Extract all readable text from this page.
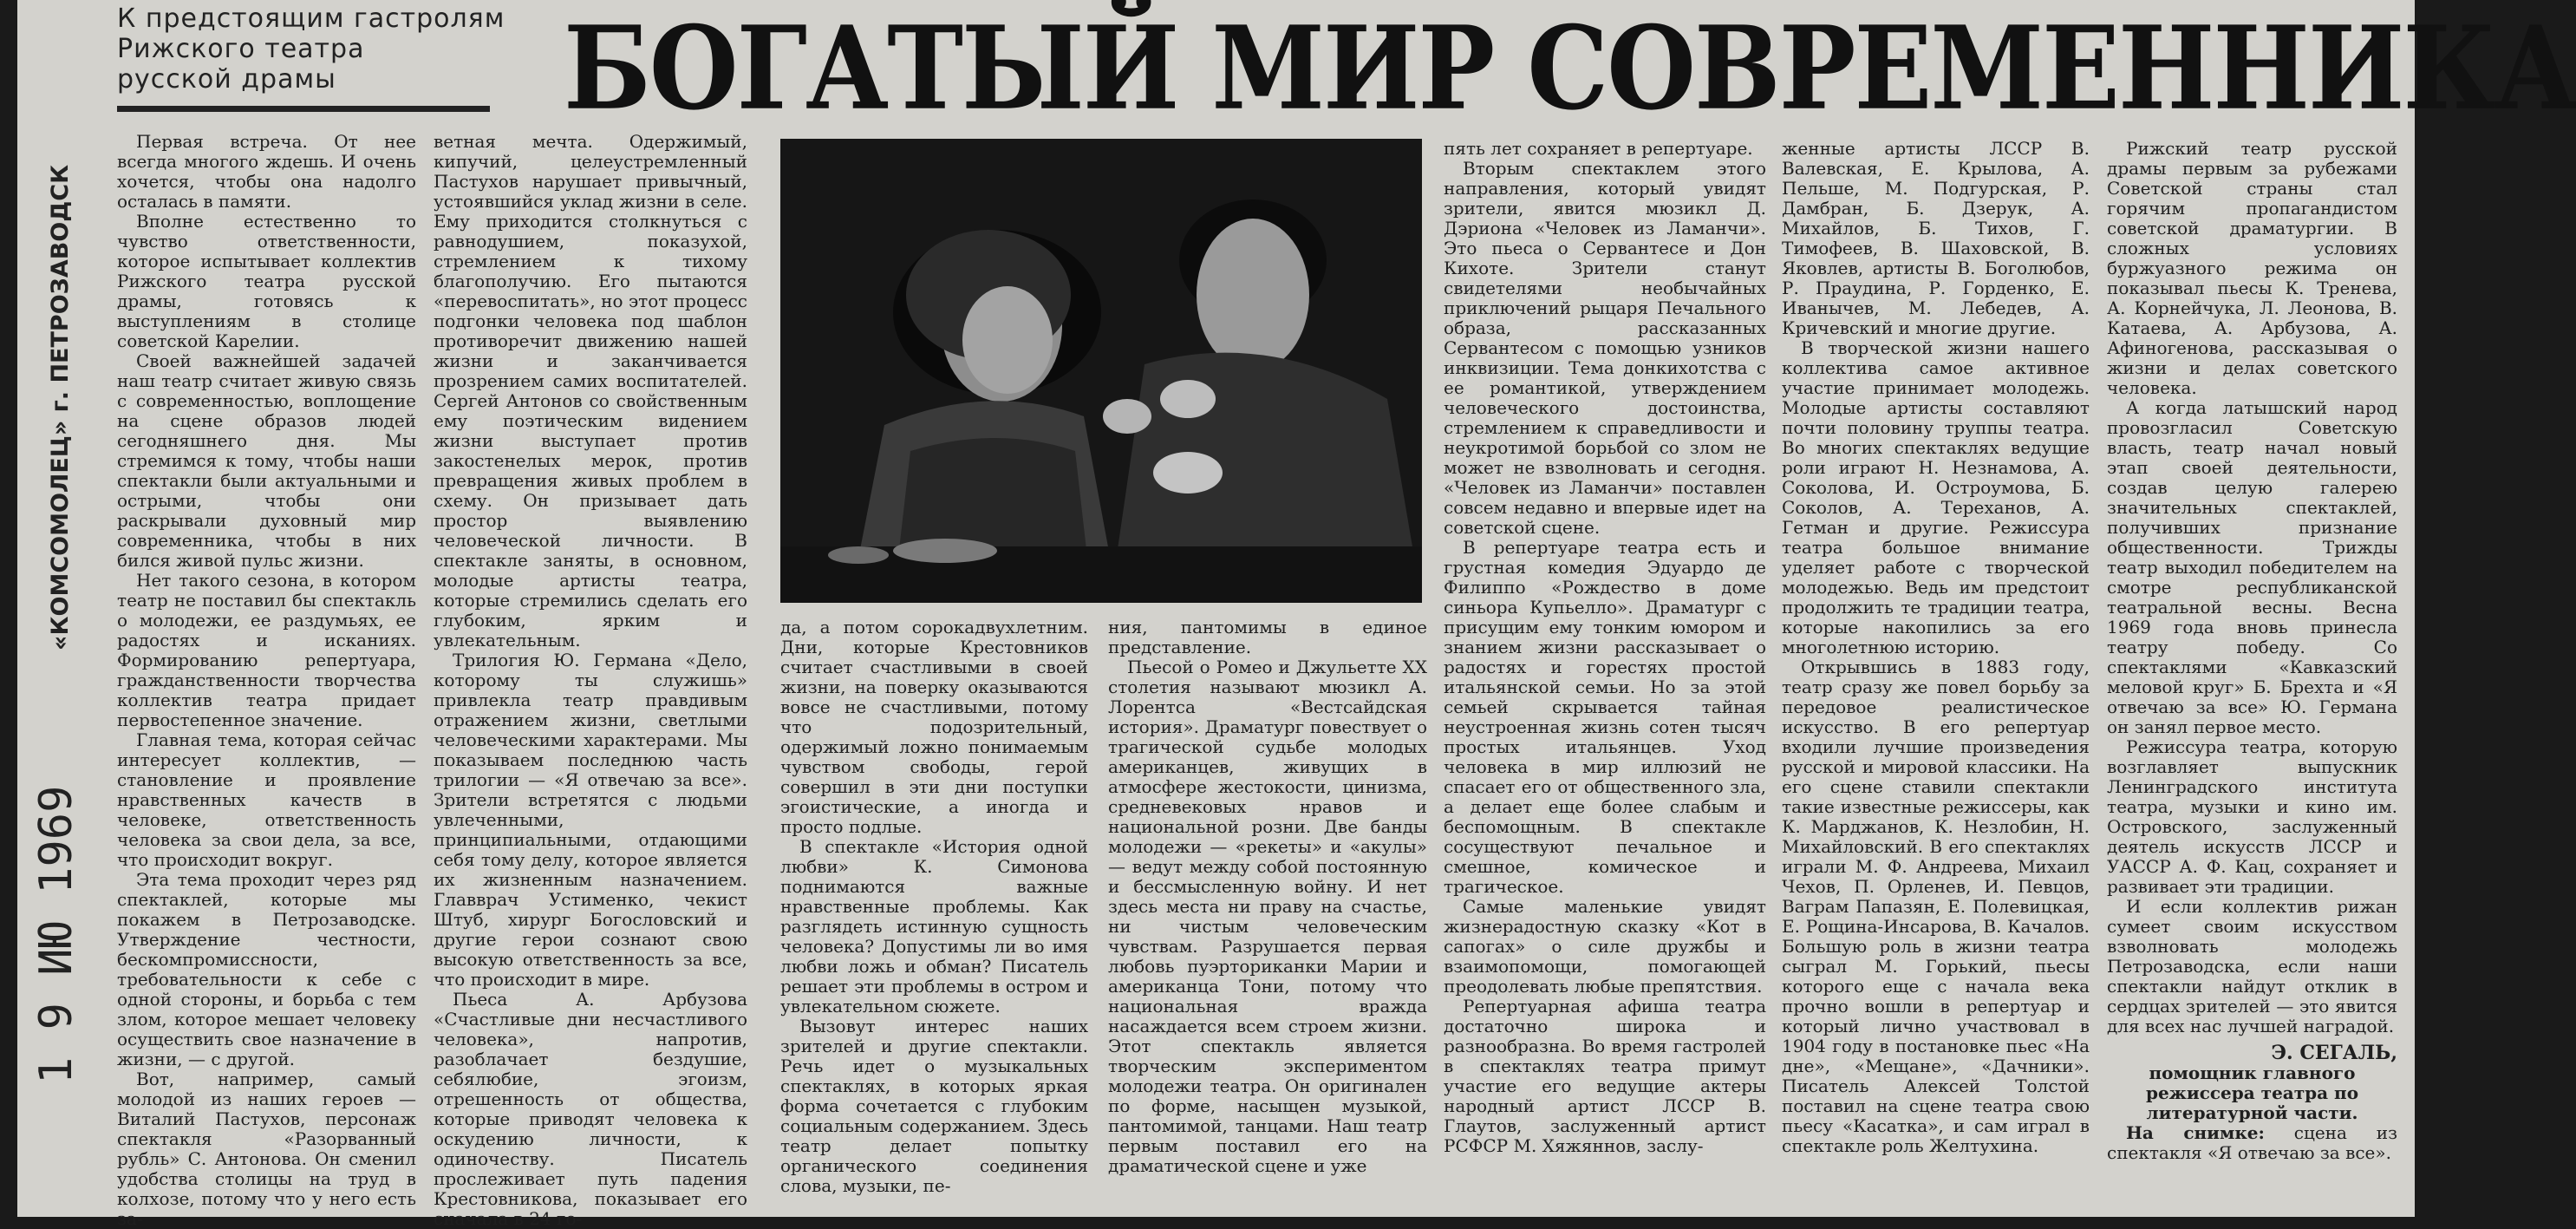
К предстоящим гастролям
Рижского театра
русской драмы	БОГАТЫЙ МИР СОВРЕМЕННИКА
«КОМСОМОЛЕЦ» г. ПЕТРОЗАВОДСК
1 9 ИЮ 1969

Первая встреча. От нее всегда многого ждешь. И очень хочется, чтобы она надолго осталась в памяти.

Вполне естественно то чувство ответственности, которое испытывает коллектив Рижского театра русской драмы, готовясь к выступлениям в столице советской Карелии.

Своей важнейшей задачей наш театр считает живую связь с современностью, воплощение на сцене образов людей сегодняшнего дня. Мы стремимся к тому, чтобы наши спектакли были актуальными и острыми, чтобы они раскрывали духовный мир современника, чтобы в них бился живой пульс жизни.

Нет такого сезона, в котором театр не поставил бы спектакль о молодежи, ее раздумьях, ее радостях и исканиях. Формированию репертуара, гражданственности творчества коллектив театра придает первостепенное значение.

Главная тема, которая сейчас интересует коллектив, — становление и проявление нравственных качеств в человеке, ответственность человека за свои дела, за все, что происходит вокруг.

Эта тема проходит через ряд спектаклей, которые мы покажем в Петрозаводске. Утверждение честности, бескомпромиссности, требовательности к себе с одной стороны, и борьба с тем злом, которое мешает человеку осуществить свое назначение в жизни, — с другой.

Вот, например, самый молодой из наших героев — Виталий Пастухов, персонаж спектакля «Разорванный рубль» С. Антонова. Он сменил удобства столицы на труд в колхозе, потому что у него есть за-

ветная мечта. Одержимый, кипучий, целеустремленный Пастухов нарушает привычный, устоявшийся уклад жизни в селе. Ему приходится столкнуться с равнодушием, показухой, стремлением к тихому благополучию. Его пытаются «перевоспитать», но этот процесс подгонки человека под шаблон противоречит движению нашей жизни и заканчивается прозрением самих воспитателей. Сергей Антонов со свойственным ему поэтическим видением жизни выступает против закостенелых мерок, против превращения живых проблем в схему. Он призывает дать простор выявлению человеческой личности. В спектакле заняты, в основном, молодые артисты театра, которые стремились сделать его глубоким, ярким и увлекательным.

Трилогия Ю. Германа «Дело, которому ты служишь» привлекла театр правдивым отражением жизни, светлыми человеческими характерами. Мы показываем последнюю часть трилогии — «Я отвечаю за все». Зрители встретятся с людьми увлеченными, принципиальными, отдающими себя тому делу, которое является их жизненным назначением. Главврач Устименко, чекист Штуб, хирург Богословский и другие герои сознают свою высокую ответственность за все, что происходит в мире.

Пьеса А. Арбузова «Счастливые дни несчастливого человека», напротив, разоблачает бездушие, себялюбие, эгоизм, отрешенность от общества, которые приводят человека к оскудению личности, к одиночеству. Писатель прослеживает путь падения Крестовникова, показывает его сначала в 24 го-

да, а потом сорокадвухлетним. Дни, которые Крестовников считает счастливыми в своей жизни, на поверку оказываются вовсе не счастливыми, потому что подозрительный, одержимый ложно понимаемым чувством свободы, герой совершил в эти дни поступки эгоистические, а иногда и просто подлые.

В спектакле «История одной любви» К. Симонова поднимаются важные нравственные проблемы. Как разглядеть истинную сущность человека? Допустимы ли во имя любви ложь и обман? Писатель решает эти проблемы в остром и увлекательном сюжете.

Вызовут интерес наших зрителей и другие спектакли. Речь идет о музыкальных спектаклях, в которых яркая форма сочетается с глубоким социальным содержанием. Здесь театр делает попытку органического соединения слова, музыки, пе-

ния, пантомимы в единое представление.

Пьесой о Ромео и Джульетте XX столетия называют мюзикл А. Лорентса «Вестсайдская история». Драматург повествует о трагической судьбе молодых американцев, живущих в атмосфере жестокости, цинизма, средневековых нравов и национальной розни. Две банды молодежи — «рекеты» и «акулы» — ведут между собой постоянную и бессмысленную войну. И нет здесь места ни праву на счастье, ни чистым человеческим чувствам. Разрушается первая любовь пуэрториканки Марии и американца Тони, потому что национальная вражда насаждается всем строем жизни. Этот спектакль является творческим экспериментом молодежи театра. Он оригинален по форме, насыщен музыкой, пантомимой, танцами. Наш театр первым поставил его на драматической сцене и уже

пять лет сохраняет в репертуаре.

Вторым спектаклем этого направления, который увидят зрители, явится мюзикл Д. Дэриона «Человек из Ламанчи». Это пьеса о Сервантесе и Дон Кихоте. Зрители станут свидетелями необычайных приключений рыцаря Печального образа, рассказанных Сервантесом с помощью узников инквизиции. Тема донкихотства с ее романтикой, утверждением человеческого достоинства, стремлением к справедливости и неукротимой борьбой со злом не может не взволновать и сегодня. «Человек из Ламанчи» поставлен совсем недавно и впервые идет на советской сцене.

В репертуаре театра есть и грустная комедия Эдуардо де Филиппо «Рождество в доме синьора Купьелло». Драматург с присущим ему тонким юмором и знанием жизни рассказывает о радостях и горестях простой итальянской семьи. Но за этой семьей скрывается тайная неустроенная жизнь сотен тысяч простых итальянцев. Уход человека в мир иллюзий не спасает его от общественного зла, а делает еще более слабым и беспомощным. В спектакле сосуществуют печальное и смешное, комическое и трагическое.

Самые маленькие увидят жизнерадостную сказку «Кот в сапогах» о силе дружбы и взаимопомощи, помогающей преодолевать любые препятствия.

Репертуарная афиша театра достаточно широка и разнообразна. Во время гастролей в спектаклях театра примут участие его ведущие актеры народный артист ЛССР В. Глаутов, заслуженный артист РСФСР М. Хяжяннов, заслу-

женные артисты ЛССР В. Валевская, Е. Крылова, А. Пельше, М. Подгурская, Р. Дамбран, Б. Дзерук, А. Михайлов, Б. Тихов, Г. Тимофеев, В. Шаховской, В. Яковлев, артисты В. Боголюбов, Р. Праудина, Р. Горденко, Е. Иванычев, М. Лебедев, А. Кричевский и многие другие.

В творческой жизни нашего коллектива самое активное участие принимает молодежь. Молодые артисты составляют почти половину труппы театра. Во многих спектаклях ведущие роли играют Н. Незнамова, А. Соколова, И. Остроумова, Б. Соколов, А. Тереханов, А. Гетман и другие. Режиссура театра большое внимание уделяет работе с творческой молодежью. Ведь им предстоит продолжить те традиции театра, которые накопились за его многолетнюю историю.

Открывшись в 1883 году, театр сразу же повел борьбу за передовое реалистическое искусство. В его репертуар входили лучшие произведения русской и мировой классики. На его сцене ставили спектакли такие известные режиссеры, как К. Марджанов, К. Незлобин, Н. Михайловский. В его спектаклях играли М. Ф. Андреева, Михаил Чехов, П. Орленев, И. Певцов, Ваграм Папазян, Е. Полевицкая, Е. Рощина-Инсарова, В. Качалов. Большую роль в жизни театра сыграл М. Горький, пьесы которого еще с начала века прочно вошли в репертуар и который лично участвовал в 1904 году в постановке пьес «На дне», «Мещане», «Дачники». Писатель Алексей Толстой поставил на сцене театра свою пьесу «Касатка», и сам играл в спектакле роль Желтухина.

Рижский театр русской драмы первым за рубежами Советской страны стал горячим пропагандистом советской драматургии. В сложных условиях буржуазного режима он показывал пьесы К. Тренева, А. Корнейчука, Л. Леонова, В. Катаева, А. Арбузова, А. Афиногенова, рассказывая о жизни и делах советского человека.

А когда латышский народ провозгласил Советскую власть, театр начал новый этап своей деятельности, создав целую галерею значительных спектаклей, получивших признание общественности. Трижды театр выходил победителем на смотре республиканской театральной весны. Весна 1969 года вновь принесла театру победу. Со спектаклями «Кавказский меловой круг» Б. Брехта и «Я отвечаю за все» Ю. Германа он занял первое место.

Режиссура театра, которую возглавляет выпускник Ленинградского института театра, музыки и кино им. Островского, заслуженный деятель искусств ЛССР и УАССР А. Ф. Кац, сохраняет и развивает эти традиции.

И если коллектив рижан сумеет своим искусством взволновать молодежь Петрозаводска, если наши спектакли найдут отклик в сердцах зрителей — это явится для всех нас лучшей наградой.

Э. СЕГАЛЬ,
помощник главного режиссера театра по литературной части.

На снимке: сцена из спектакля «Я отвечаю за все».
